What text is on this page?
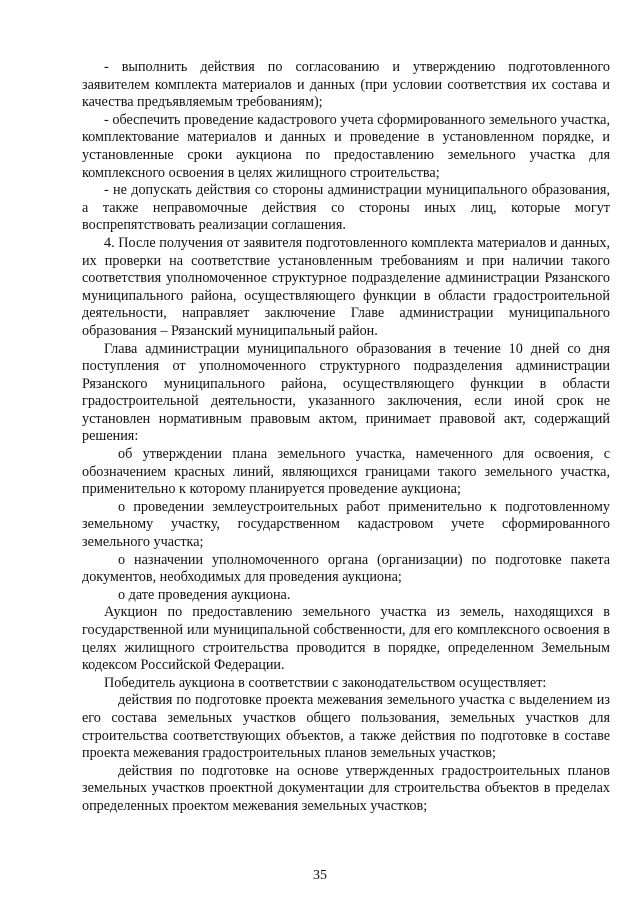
- выполнить действия по согласованию и утверждению подготовленного заявителем комплекта материалов и данных (при условии соответствия их состава и качества предъявляемым требованиям);

- обеспечить проведение кадастрового учета сформированного земельного участка, комплектование материалов и данных и проведение в установленном порядке, и установленные сроки аукциона по предоставлению земельного участка для комплексного освоения в целях жилищного строительства;

- не допускать действия со стороны администрации муниципального образования, а также неправомочные действия со стороны иных лиц, которые могут воспрепятствовать реализации соглашения.

4. После получения от заявителя подготовленного комплекта материалов и данных, их проверки на соответствие установленным требованиям и при наличии такого соответствия уполномоченное структурное подразделение администрации Рязанского муниципального района, осуществляющего функции в области градостроительной деятельности, направляет заключение Главе администрации муниципального образования – Рязанский муниципальный район.

Глава администрации муниципального образования в течение 10 дней со дня поступления от уполномоченного структурного подразделения администрации Рязанского муниципального района, осуществляющего функции в области градостроительной деятельности, указанного заключения, если иной срок не установлен нормативным правовым актом, принимает правовой акт, содержащий решения:

об утверждении плана земельного участка, намеченного для освоения, с обозначением красных линий, являющихся границами такого земельного участка, применительно к которому планируется проведение аукциона;

о проведении землеустроительных работ применительно к подготовленному земельному участку, государственном кадастровом учете сформированного земельного участка;

о назначении уполномоченного органа (организации) по подготовке пакета документов, необходимых для проведения аукциона;

о дате проведения аукциона.

Аукцион по предоставлению земельного участка из земель, находящихся в государственной или муниципальной собственности, для его комплексного освоения в целях жилищного строительства проводится в порядке, определенном Земельным кодексом Российской Федерации.

Победитель аукциона в соответствии с законодательством осуществляет:

действия по подготовке проекта межевания земельного участка с выделением из его состава земельных участков общего пользования, земельных участков для строительства соответствующих объектов, а также действия по подготовке в составе проекта межевания градостроительных планов земельных участков;

действия по подготовке на основе утвержденных градостроительных планов земельных участков проектной документации для строительства объектов в пределах определенных проектом межевания земельных участков;

35
